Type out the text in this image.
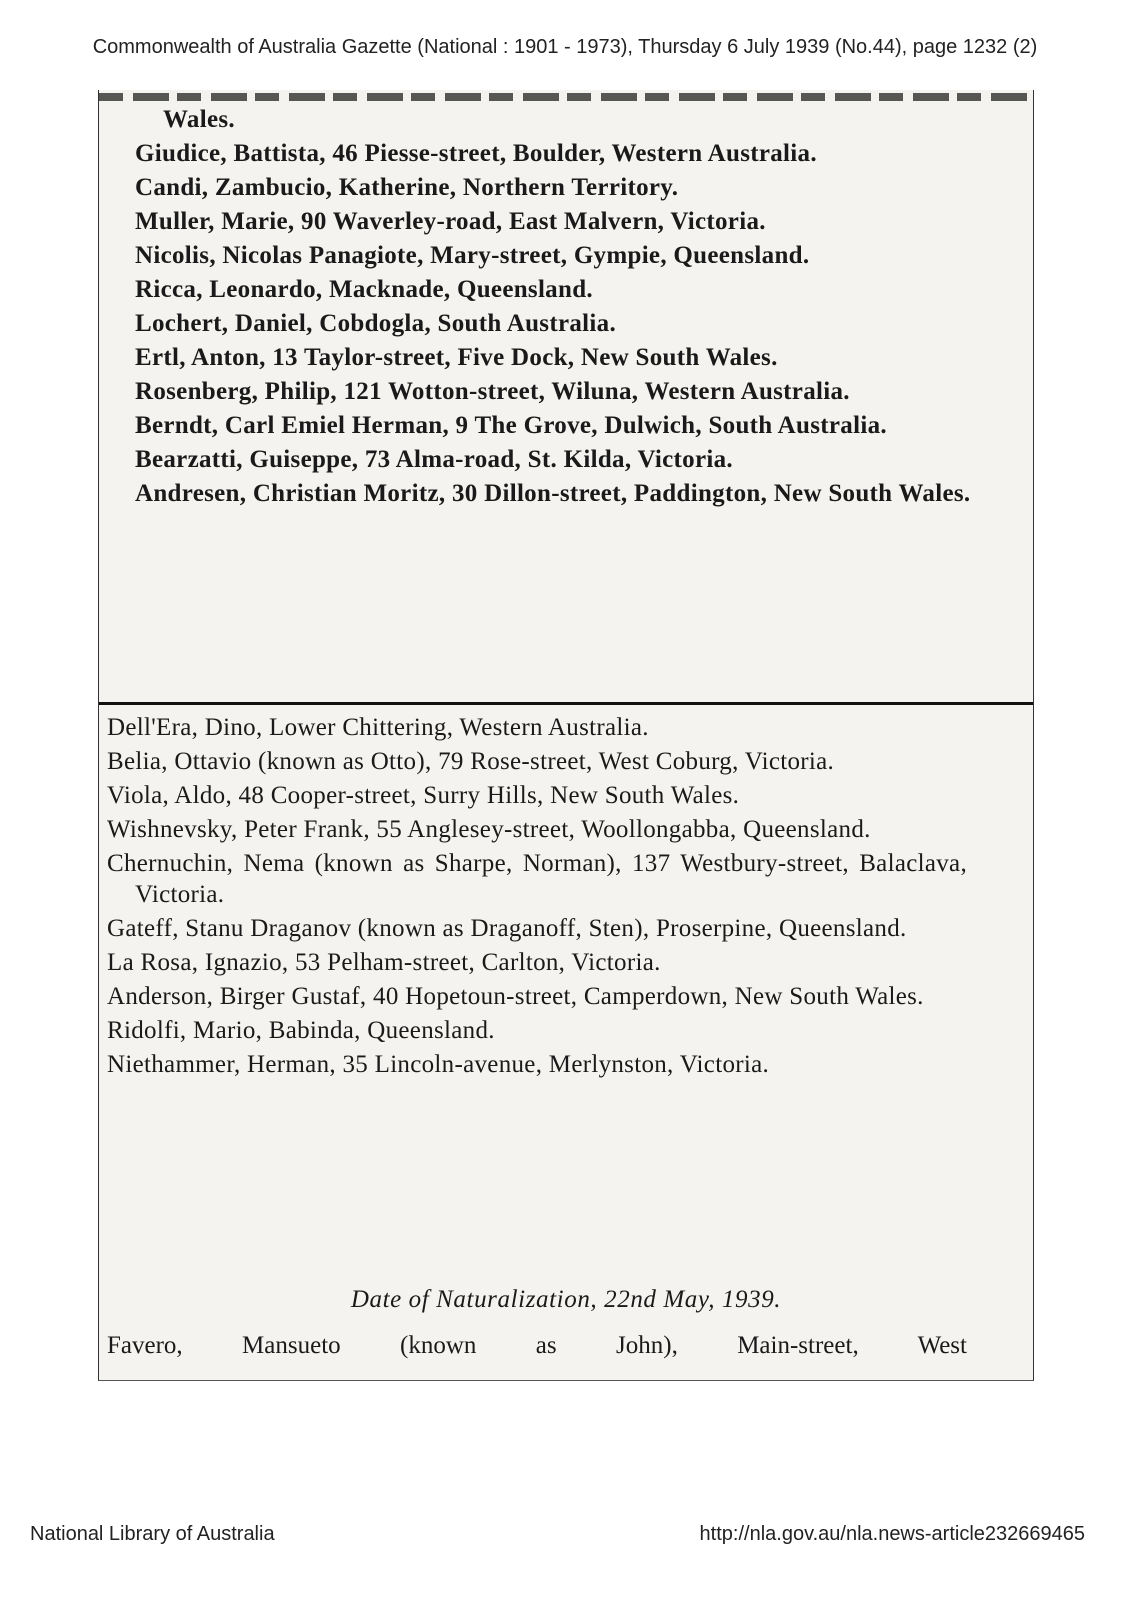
Commonwealth of Australia Gazette (National : 1901 - 1973), Thursday 6 July 1939 (No.44), page 1232 (2)

Wales.

Giudice, Battista, 46 Piesse-street, Boulder, Western Australia.

Candi, Zambucio, Katherine, Northern Territory.

Muller, Marie, 90 Waverley-road, East Malvern, Victoria.

Nicolis, Nicolas Panagiote, Mary-street, Gympie, Queensland.

Ricca, Leonardo, Macknade, Queensland.

Lochert, Daniel, Cobdogla, South Australia.

Ertl, Anton, 13 Taylor-street, Five Dock, New South Wales.

Rosenberg, Philip, 121 Wotton-street, Wiluna, Western Australia.

Berndt, Carl Emiel Herman, 9 The Grove, Dulwich, South Australia.

Bearzatti, Guiseppe, 73 Alma-road, St. Kilda, Victoria.

Andresen, Christian Moritz, 30 Dillon-street, Paddington, New South Wales.

Dell'Era, Dino, Lower Chittering, Western Australia.

Belia, Ottavio (known as Otto), 79 Rose-street, West Coburg, Victoria.

Viola, Aldo, 48 Cooper-street, Surry Hills, New South Wales.

Wishnevsky, Peter Frank, 55 Anglesey-street, Woollongabba, Queensland.

Chernuchin, Nema (known as Sharpe, Norman), 137 Westbury-street, Balaclava, Victoria.

Gateff, Stanu Draganov (known as Draganoff, Sten), Proserpine, Queensland.

La Rosa, Ignazio, 53 Pelham-street, Carlton, Victoria.

Anderson, Birger Gustaf, 40 Hopetoun-street, Camperdown, New South Wales.

Ridolfi, Mario, Babinda, Queensland.

Niethammer, Herman, 35 Lincoln-avenue, Merlynston, Victoria.

Date of Naturalization, 22nd May, 1939.
Favero, Mansueto (known as John), Main-street, West
National Library of Australia	http://nla.gov.au/nla.news-article232669465
